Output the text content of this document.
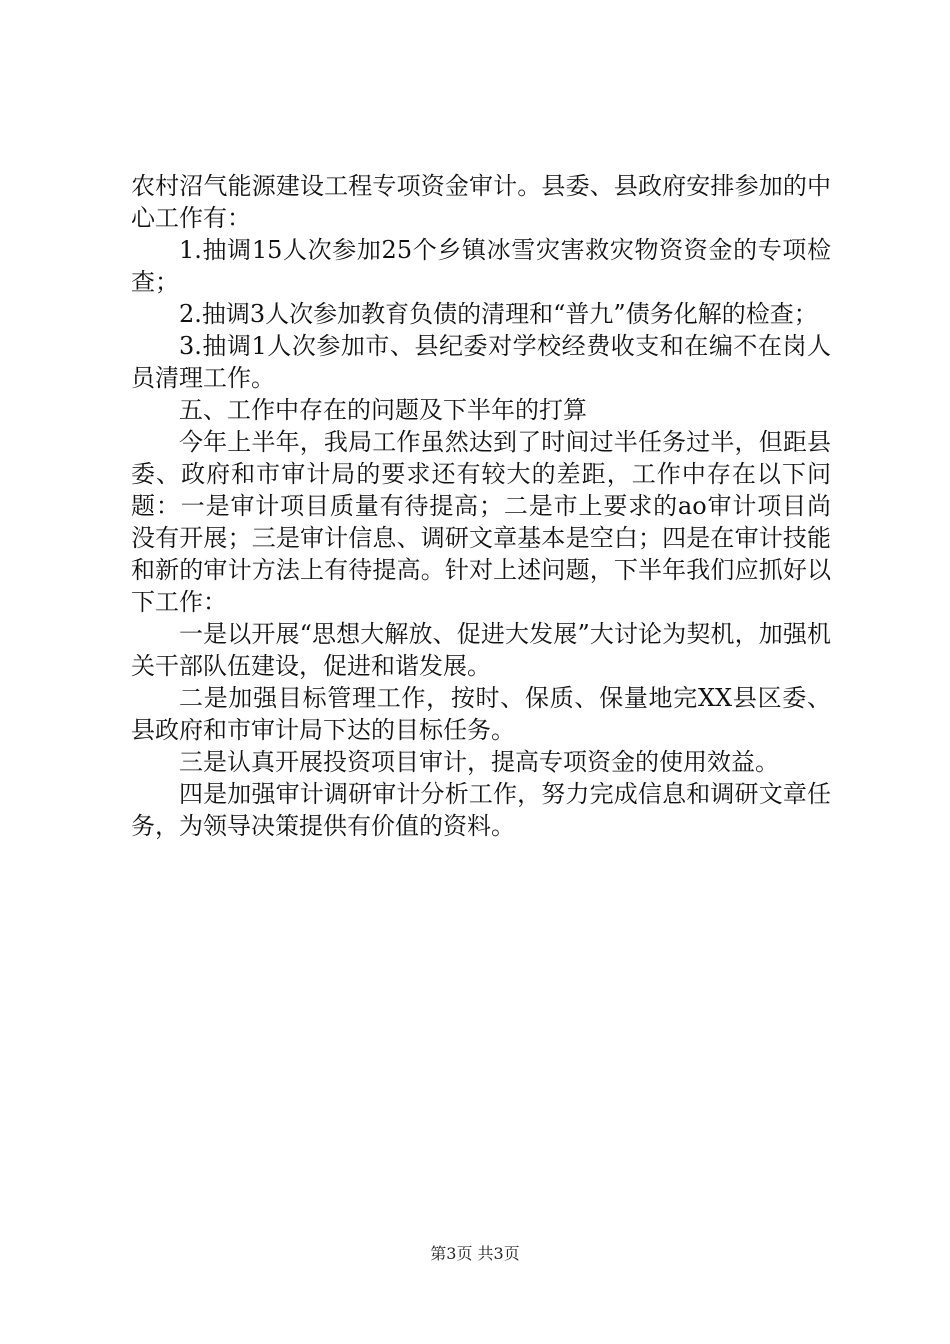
农村沼气能源建设工程专项资金审计。县委、县政府安排参加的中心工作有：

1.抽调15人次参加25个乡镇冰雪灾害救灾物资资金的专项检查；

2.抽调3人次参加教育负债的清理和“普九”债务化解的检查；

3.抽调1人次参加市、县纪委对学校经费收支和在编不在岗人员清理工作。

五、工作中存在的问题及下半年的打算

今年上半年，我局工作虽然达到了时间过半任务过半，但距县委、政府和市审计局的要求还有较大的差距，工作中存在以下问题：一是审计项目质量有待提高；二是市上要求的ao审计项目尚没有开展；三是审计信息、调研文章基本是空白；四是在审计技能和新的审计方法上有待提高。针对上述问题，下半年我们应抓好以下工作：

一是以开展“思想大解放、促进大发展”大讨论为契机，加强机关干部队伍建设，促进和谐发展。

二是加强目标管理工作，按时、保质、保量地完XX县区委、县政府和市审计局下达的目标任务。

三是认真开展投资项目审计，提高专项资金的使用效益。

四是加强审计调研审计分析工作，努力完成信息和调研文章任务，为领导决策提供有价值的资料。

第3页 共3页
